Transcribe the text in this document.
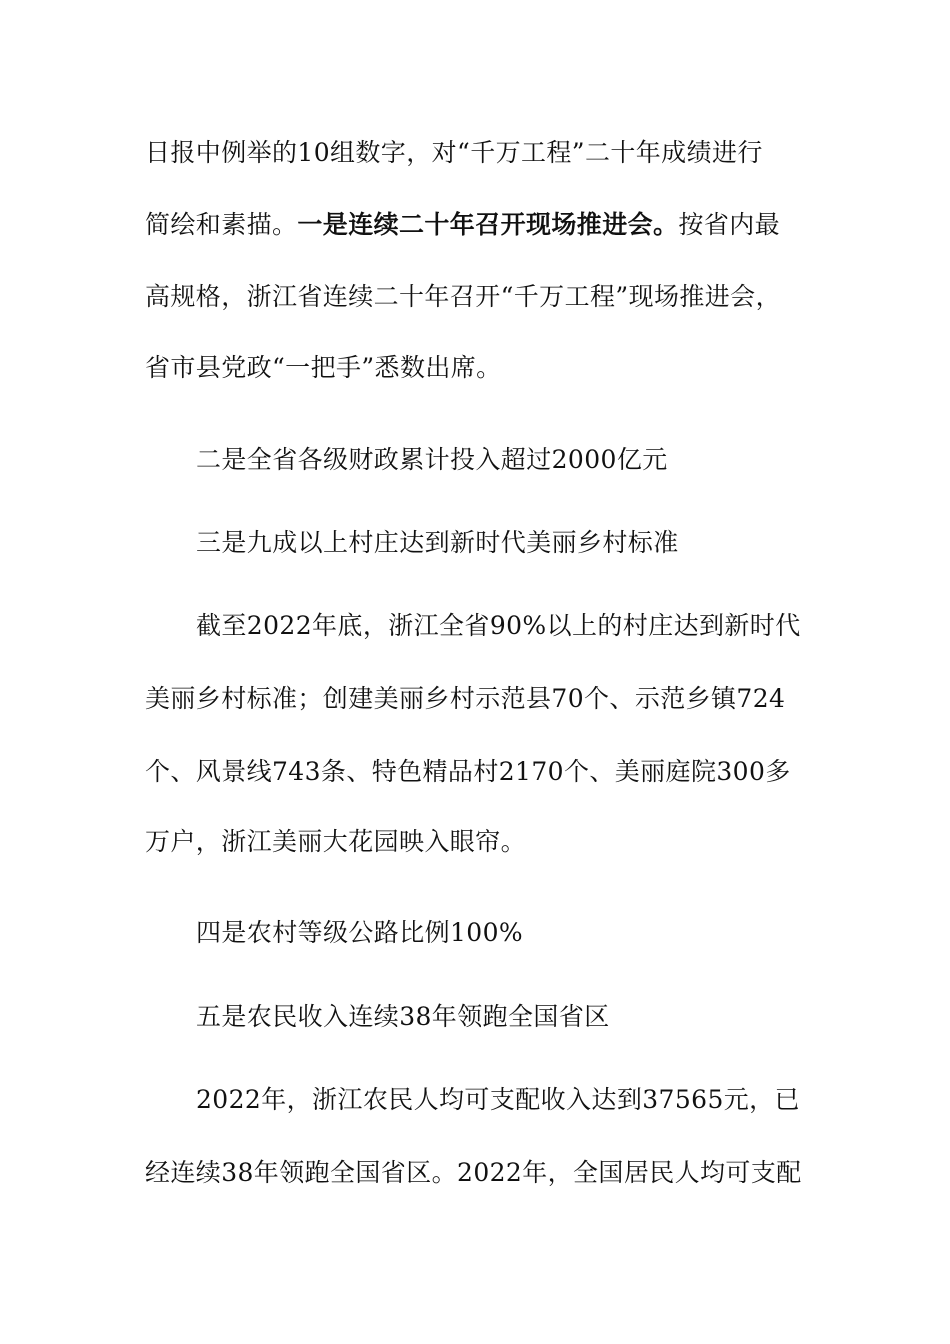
日报中例举的10组数字，对“千万工程”二十年成绩进行
简绘和素描。一是连续二十年召开现场推进会。按省内最
高规格，浙江省连续二十年召开“千万工程”现场推进会，
省市县党政“一把手”悉数出席。
二是全省各级财政累计投入超过2000亿元
三是九成以上村庄达到新时代美丽乡村标准
截至2022年底，浙江全省90%以上的村庄达到新时代
美丽乡村标准；创建美丽乡村示范县70个、示范乡镇724
个、风景线743条、特色精品村2170个、美丽庭院300多
万户，浙江美丽大花园映入眼帘。
四是农村等级公路比例100%
五是农民收入连续38年领跑全国省区
2022年，浙江农民人均可支配收入达到37565元，已
经连续38年领跑全国省区。2022年，全国居民人均可支配
